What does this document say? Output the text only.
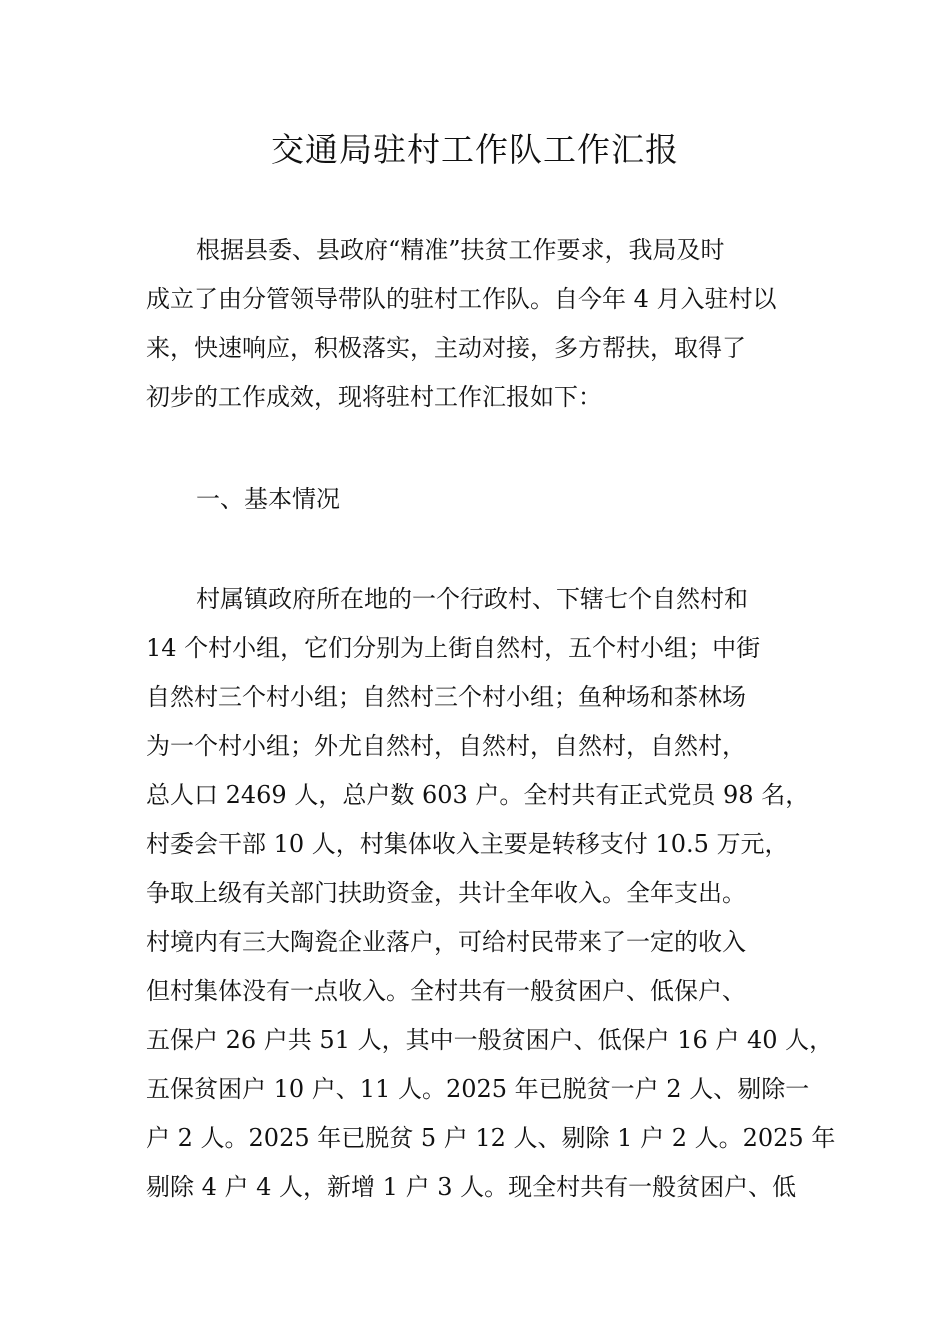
交通局驻村工作队工作汇报
根据县委、县政府“精准”扶贫工作要求，我局及时
成立了由分管领导带队的驻村工作队。自今年 4 月入驻村以
来，快速响应，积极落实，主动对接，多方帮扶，取得了
初步的工作成效，现将驻村工作汇报如下：
一、基本情况
村属镇政府所在地的一个行政村、下辖七个自然村和
14 个村小组，它们分别为上街自然村，五个村小组；中街
自然村三个村小组；自然村三个村小组；鱼种场和茶林场
为一个村小组；外尤自然村，自然村，自然村，自然村，
总人口 2469 人，总户数 603 户。全村共有正式党员 98 名，
村委会干部 10 人，村集体收入主要是转移支付 10.5 万元，
争取上级有关部门扶助资金，共计全年收入。全年支出。
村境内有三大陶瓷企业落户，可给村民带来了一定的收入
但村集体没有一点收入。全村共有一般贫困户、低保户、
五保户 26 户共 51 人，其中一般贫困户、低保户 16 户 40 人，
五保贫困户 10 户、11 人。2025 年已脱贫一户 2 人、剔除一
户 2 人。2025 年已脱贫 5 户 12 人、剔除 1 户 2 人。2025 年
剔除 4 户 4 人，新增 1 户 3 人。现全村共有一般贫困户、低
